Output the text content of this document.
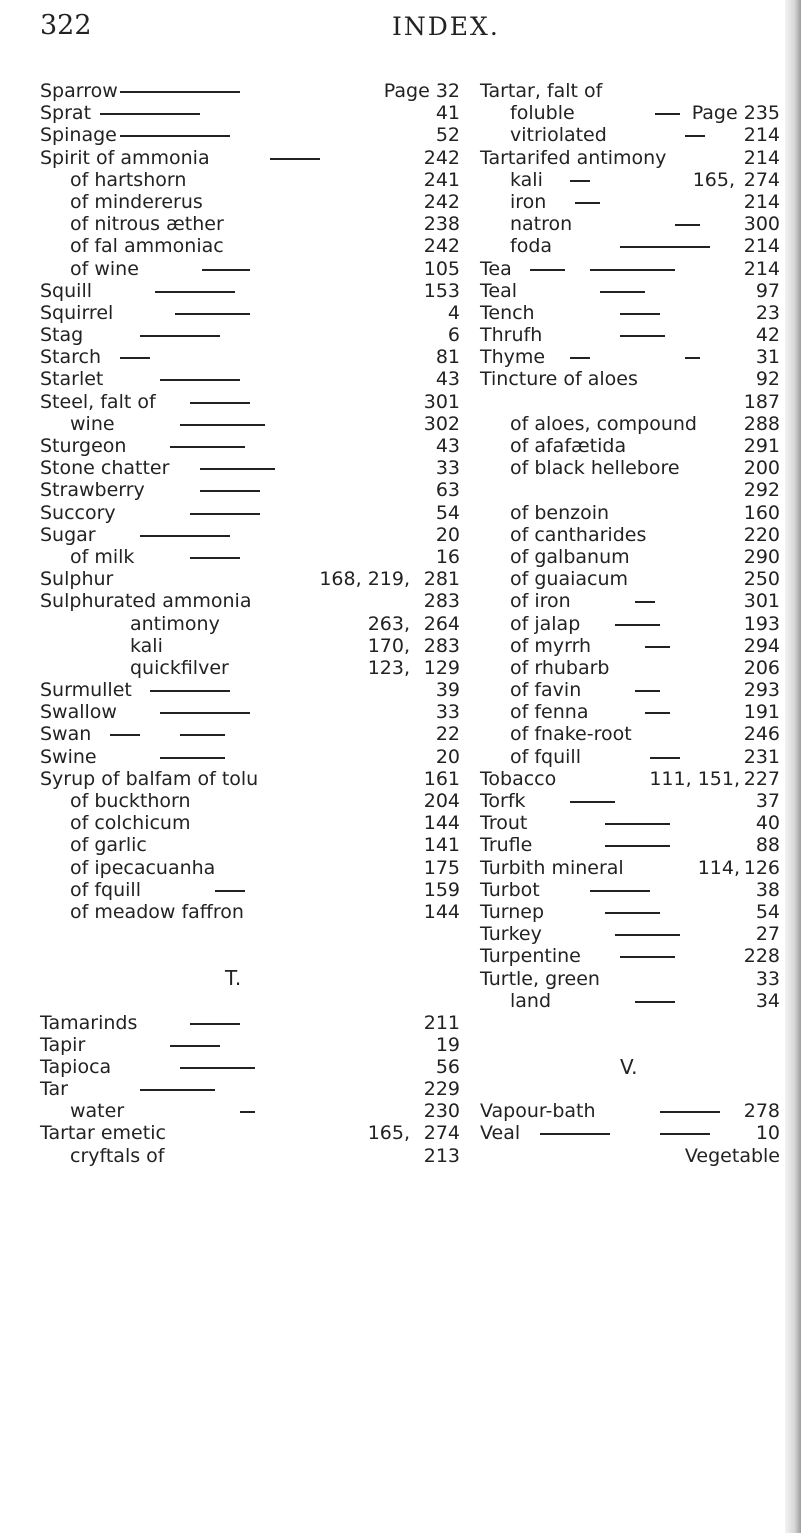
322	INDEX.
Sparrow	Page 32
Sprat	41
Spinage	52
Spirit of ammonia	242
of hartshorn	241
of mindererus	242
of nitrous æther	238
of fal ammoniac	242
of wine	105
Squill	153
Squirrel	4
Stag	6
Starch	81
Starlet	43
Steel, falt of	301
wine	302
Sturgeon	43
Stone chatter	33
Strawberry	63
Succory	54
Sugar	20
of milk	16
Sulphur	168, 219, 281
Sulphurated ammonia	283
antimony	263, 264
kali	170, 283
quickfilver	123, 129
Surmullet	39
Swallow	33
Swan	22
Swine	20
Syrup of balfam of tolu	161
of buckthorn	204
of colchicum	144
of garlic	141
of ipecacuanha	175
of fquill	159
of meadow faffron	144
T.
Tamarinds	211
Tapir	19
Tapioca	56
Tar	229
water	230
Tartar emetic	165, 274
cryftals of	213
Tartar, falt of
foluble	Page 235
vitriolated	214
Tartarifed antimony	214
kali	165, 274
iron	214
natron	300
foda	214
Tea	214
Teal	97
Tench	23
Thrufh	42
Thyme	31
Tincture of aloes	92
187
of aloes, compound 288
of afafætida	291
of black hellebore	200
292
of benzoin	160
of cantharides	220
of galbanum	290
of guaiacum	250
of iron	301
of jalap	193
of myrrh	294
of rhubarb	206
of favin	293
of fenna	191
of fnake-root	246
of fquill	231
Tobacco	111, 151, 227
Torfk	37
Trout	40
Trufle	88
Turbith mineral	114, 126
Turbot	38
Turnep	54
Turkey	27
Turpentine	228
Turtle, green	33
land	34
V.
Vapour-bath	278
Veal	10
Vegetable
